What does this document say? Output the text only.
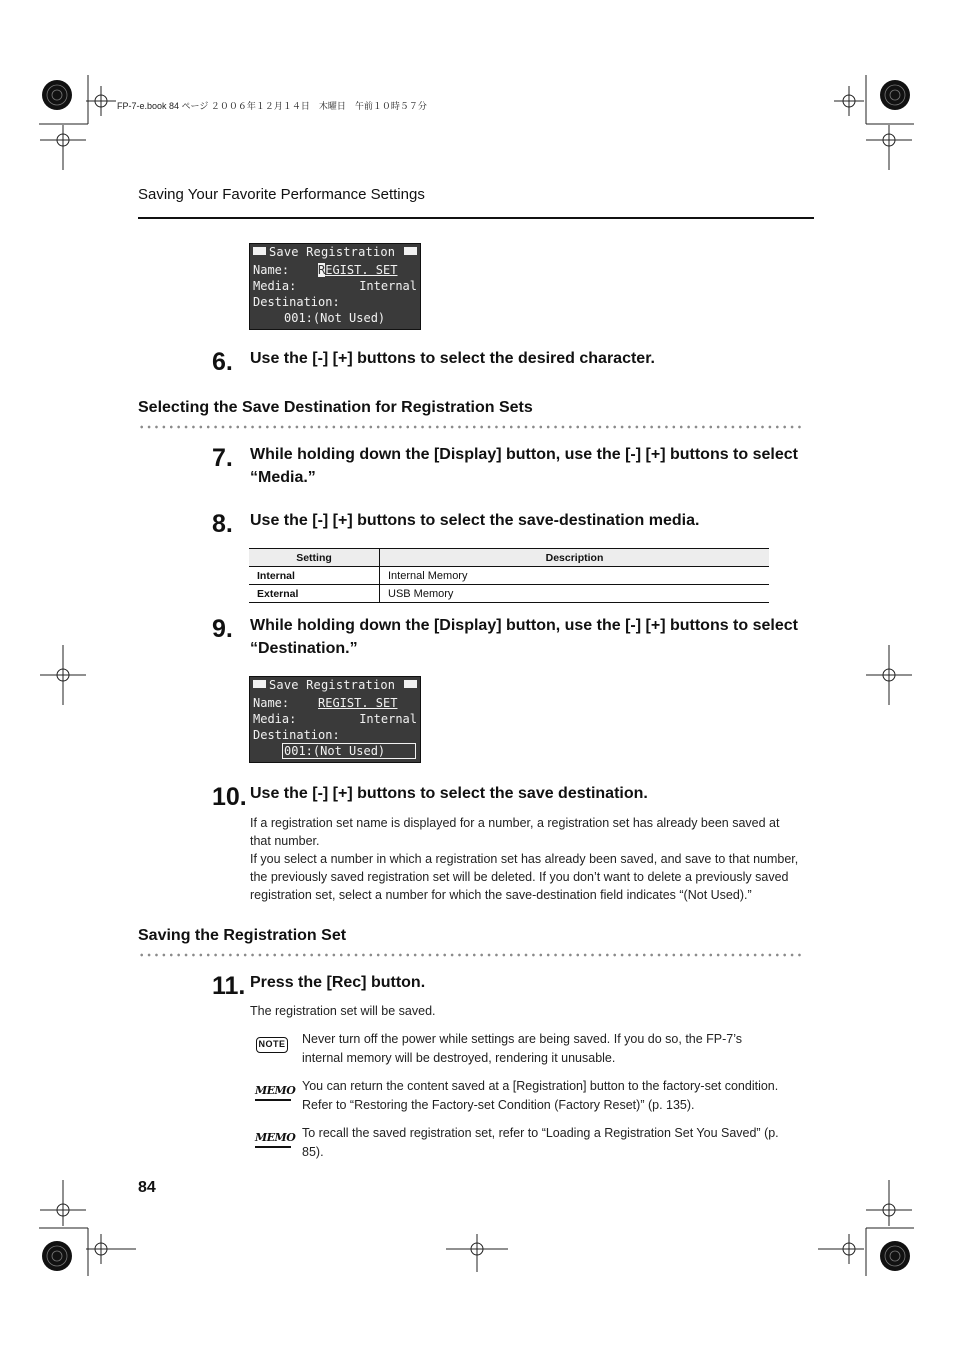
FP-7-e.book 84 ページ ２００６年１２月１４日　木曜日　午前１０時５７分
Saving Your Favorite Performance Settings
Save Registration
Name: REGIST. SET
Media:	Internal
Destination:
001:(Not Used)
6. Use the [-] [+] buttons to select the desired character.
Selecting the Save Destination for Registration Sets
7. While holding down the [Display] button, use the [-] [+] buttons to select
“Media.”
8. Use the [-] [+] buttons to select the save-destination media.
Setting	Description
Internal	Internal Memory
External	USB Memory
9. While holding down the [Display] button, use the [-] [+] buttons to select
“Destination.”
Save Registration
Name: REGIST. SET
Media:	Internal
Destination:
001:(Not Used)
10. Use the [-] [+] buttons to select the save destination.
If a registration set name is displayed for a number, a registration set has already been saved at
that number.
If you select a number in which a registration set has already been saved, and save to that number,
the previously saved registration set will be deleted. If you don’t want to delete a previously saved
registration set, select a number for which the save-destination field indicates “(Not Used).”
Saving the Registration Set
11. Press the [Rec] button.
The registration set will be saved.
NOTE Never turn off the power while settings are being saved. If you do so, the FP-7’s
internal memory will be destroyed, rendering it unusable.
MEMO You can return the content saved at a [Registration] button to the factory-set condition.
Refer to “Restoring the Factory-set Condition (Factory Reset)” (p. 135).
MEMO To recall the saved registration set, refer to “Loading a Registration Set You Saved” (p.
85).
84
